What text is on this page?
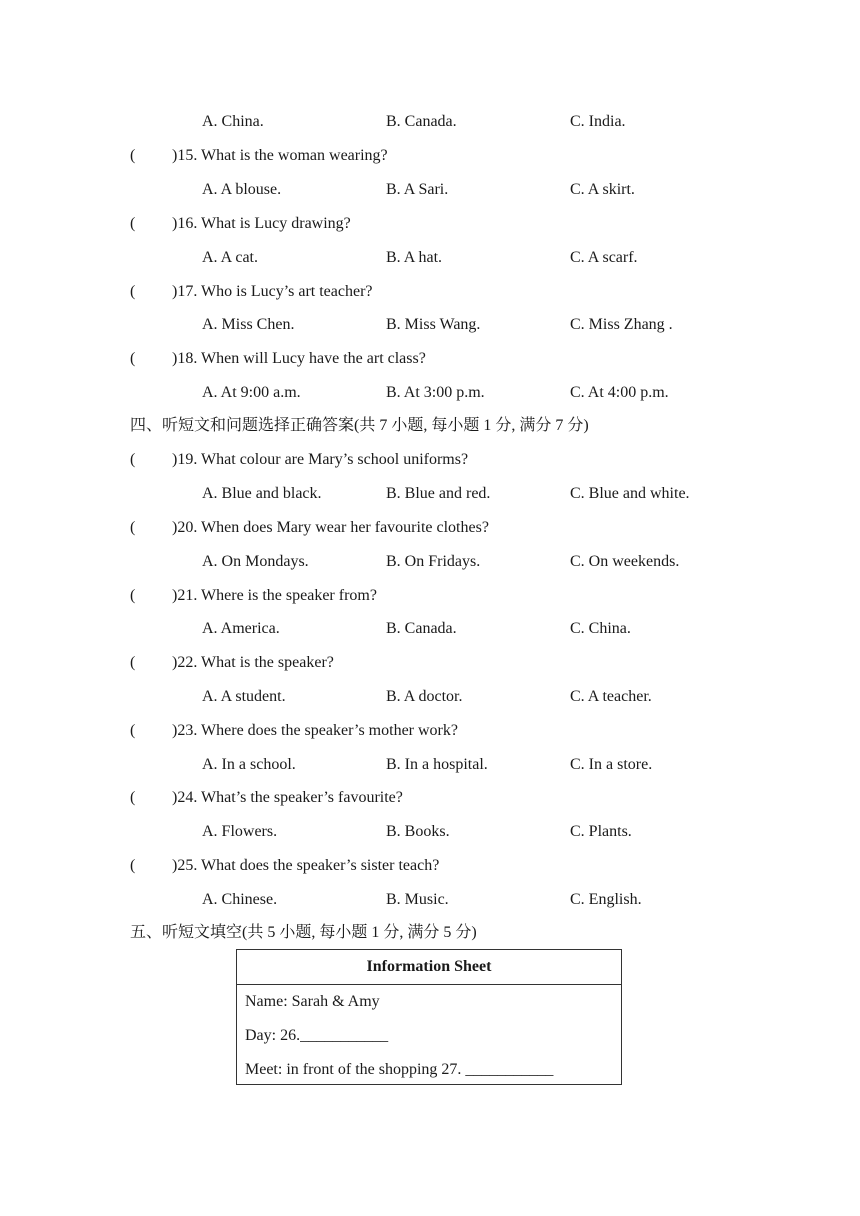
A. China.	B. Canada.	C. India.
( )15. What is the woman wearing?
A. A blouse.	B. A Sari.	C. A skirt.
( )16. What is Lucy drawing?
A. A cat.	B. A hat.	C. A scarf.
( )17. Who is Lucy’s art teacher?
A. Miss Chen.	B. Miss Wang.	C. Miss Zhang .
( )18. When will Lucy have the art class?
A. At 9:00 a.m.	B. At 3:00 p.m.	C. At 4:00 p.m.
四、听短文和问题选择正确答案(共 7 小题, 每小题 1 分, 满分 7 分)
( )19. What colour are Mary’s school uniforms?
A. Blue and black.	B. Blue and red.	C. Blue and white.
( )20. When does Mary wear her favourite clothes?
A. On Mondays.	B. On Fridays.	C. On weekends.
( )21. Where is the speaker from?
A. America.	B. Canada.	C. China.
( )22. What is the speaker?
A. A student.	B. A doctor.	C. A teacher.
( )23. Where does the speaker’s mother work?
A. In a school.	B. In a hospital.	C. In a store.
( )24. What’s the speaker’s favourite?
A. Flowers.	B. Books.	C. Plants.
( )25. What does the speaker’s sister teach?
A. Chinese.	B. Music.	C. English.
五、听短文填空(共 5 小题, 每小题 1 分, 满分 5 分)
Information Sheet
Name: Sarah & Amy
Day: 26.___________
Meet: in front of the shopping 27. ___________
